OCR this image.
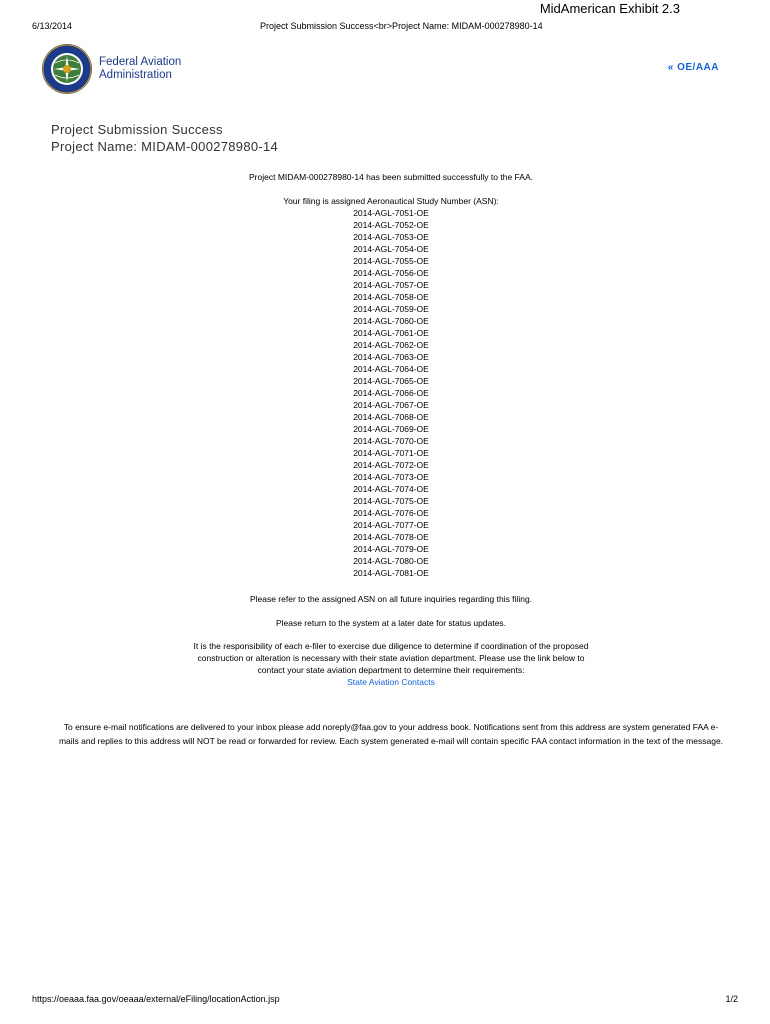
MidAmerican Exhibit 2.3
6/13/2014	Project Submission Success<br>Project Name: MIDAM-000278980-14
Federal Aviation
Administration
« OE/AAA
Project Submission Success
Project Name: MIDAM-000278980-14
Project MIDAM-000278980-14 has been submitted successfully to the FAA.
Your filing is assigned Aeronautical Study Number (ASN):
2014-AGL-7051-OE
2014-AGL-7052-OE
2014-AGL-7053-OE
2014-AGL-7054-OE
2014-AGL-7055-OE
2014-AGL-7056-OE
2014-AGL-7057-OE
2014-AGL-7058-OE
2014-AGL-7059-OE
2014-AGL-7060-OE
2014-AGL-7061-OE
2014-AGL-7062-OE
2014-AGL-7063-OE
2014-AGL-7064-OE
2014-AGL-7065-OE
2014-AGL-7066-OE
2014-AGL-7067-OE
2014-AGL-7068-OE
2014-AGL-7069-OE
2014-AGL-7070-OE
2014-AGL-7071-OE
2014-AGL-7072-OE
2014-AGL-7073-OE
2014-AGL-7074-OE
2014-AGL-7075-OE
2014-AGL-7076-OE
2014-AGL-7077-OE
2014-AGL-7078-OE
2014-AGL-7079-OE
2014-AGL-7080-OE
2014-AGL-7081-OE
Please refer to the assigned ASN on all future inquiries regarding this filing.
Please return to the system at a later date for status updates.
It is the responsibility of each e-filer to exercise due diligence to determine if coordination of the proposed
construction or alteration is necessary with their state aviation department. Please use the link below to
contact your state aviation department to determine their requirements:
State Aviation Contacts
To ensure e-mail notifications are delivered to your inbox please add noreply@faa.gov to your address book. Notifications sent from this address are system generated FAA e-mails and replies to this address will NOT be read or forwarded for review. Each system generated e-mail will contain specific FAA contact information in the text of the message.
https://oeaaa.faa.gov/oeaaa/external/eFiling/locationAction.jsp	1/2
